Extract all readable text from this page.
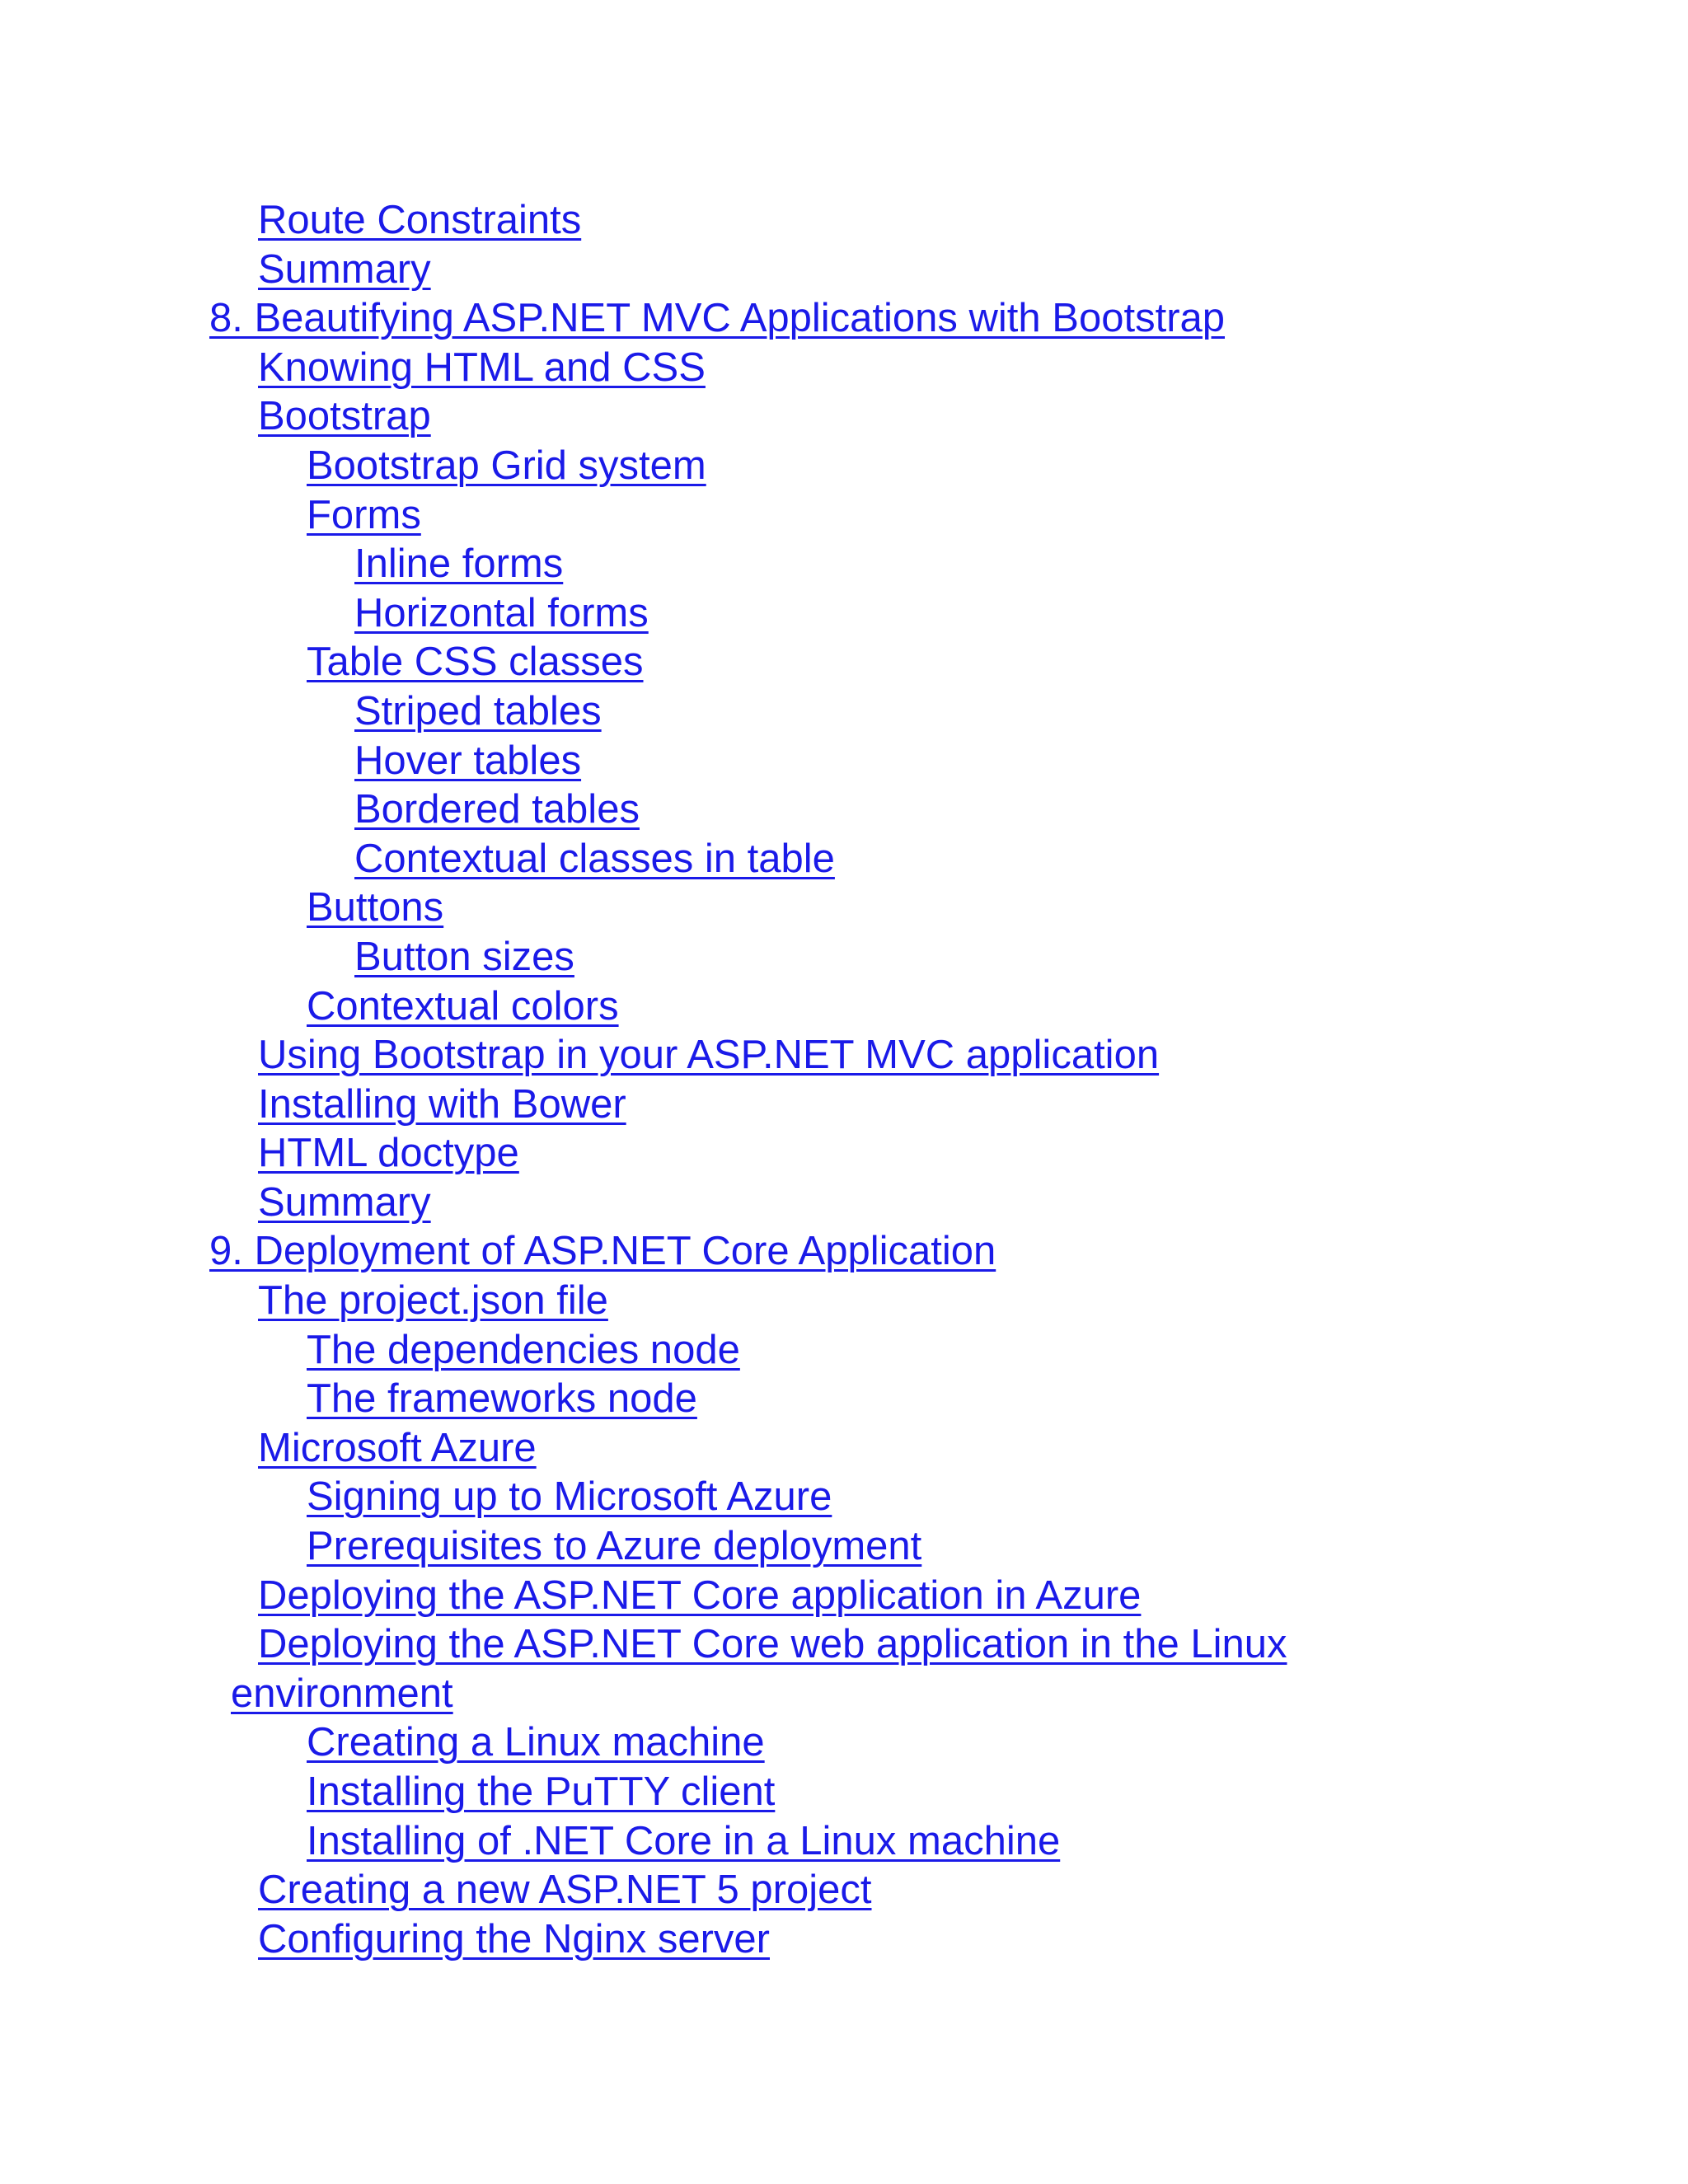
Route Constraints
Summary
8. Beautifying ASP.NET MVC Applications with Bootstrap
Knowing HTML and CSS
Bootstrap
Bootstrap Grid system
Forms
Inline forms
Horizontal forms
Table CSS classes
Striped tables
Hover tables
Bordered tables
Contextual classes in table
Buttons
Button sizes
Contextual colors
Using Bootstrap in your ASP.NET MVC application
Installing with Bower
HTML doctype
Summary
9. Deployment of ASP.NET Core Application
The project.json file
The dependencies node
The frameworks node
Microsoft Azure
Signing up to Microsoft Azure
Prerequisites to Azure deployment
Deploying the ASP.NET Core application in Azure
Deploying the ASP.NET Core web application in the Linux
environment
Creating a Linux machine
Installing the PuTTY client
Installing of .NET Core in a Linux machine
Creating a new ASP.NET 5 project
Configuring the Nginx server
